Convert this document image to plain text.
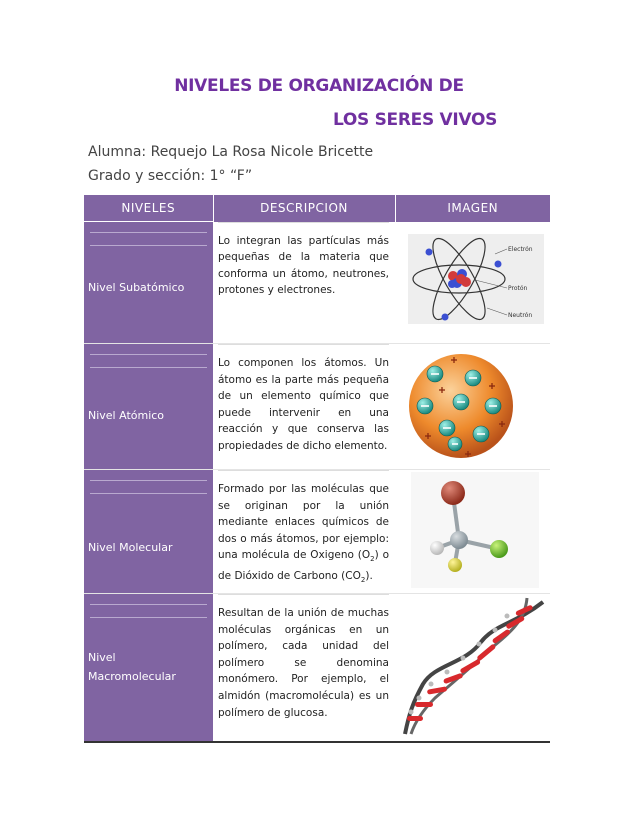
NIVELES DE ORGANIZACIÓN DE
LOS SERES VIVOS
Alumna: Requejo La Rosa Nicole Bricette
Grado y sección: 1° “F”
NIVELES	DESCRIPCION	IMAGEN

Nivel Subatómico	Lo integran las partículas más pequeñas de la materia que conforma un átomo, neutrones, protones y electrones.	Electrón
Protón
Neutrón

Nivel Atómico	Lo componen los átomos. Un átomo es la parte más pequeña de un elemento químico que puede intervenir en una reacción y que conserva las propiedades de dicho elemento.

Nivel Molecular	Formado por las moléculas que se originan por la unión mediante enlaces químicos de dos o más átomos, por ejemplo: una molécula de Oxigeno $(O_2)$ o de Dióxido de Carbono $(CO_2)$.

Nivel
Macromolecular	Resultan de la unión de muchas moléculas orgánicas en un polímero, cada unidad del polímero se denomina monómero. Por ejemplo, el almidón (macromolécula) es un polímero de glucosa.
